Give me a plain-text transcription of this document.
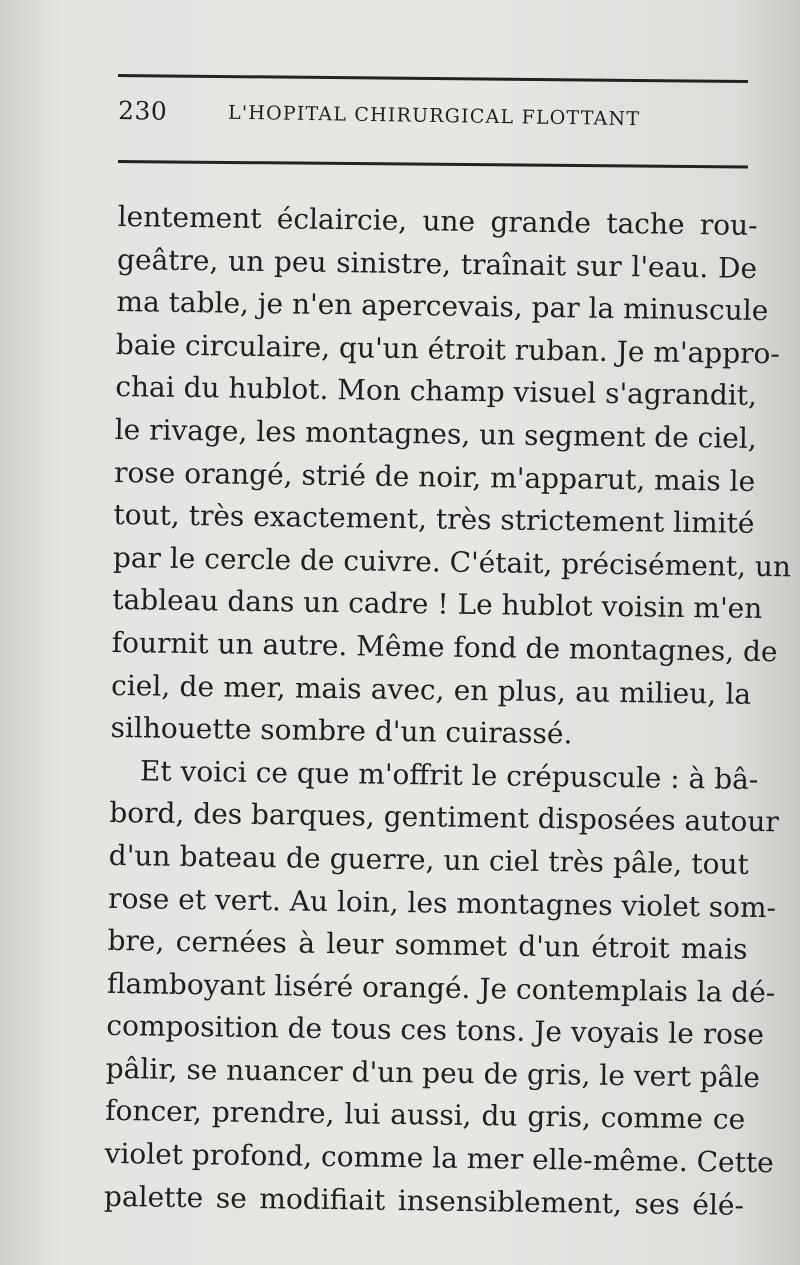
230	L'HOPITAL CHIRURGICAL FLOTTANT
lentement éclaircie, une grande tache rou-
geâtre, un peu sinistre, traînait sur l'eau. De
ma table, je n'en apercevais, par la minuscule
baie circulaire, qu'un étroit ruban. Je m'appro-
chai du hublot. Mon champ visuel s'agrandit,
le rivage, les montagnes, un segment de ciel,
rose orangé, strié de noir, m'apparut, mais le
tout, très exactement, très strictement limité
par le cercle de cuivre. C'était, précisément, un
tableau dans un cadre ! Le hublot voisin m'en
fournit un autre. Même fond de montagnes, de
ciel, de mer, mais avec, en plus, au milieu, la
silhouette sombre d'un cuirassé.
Et voici ce que m'offrit le crépuscule : à bâ-
bord, des barques, gentiment disposées autour
d'un bateau de guerre, un ciel très pâle, tout
rose et vert. Au loin, les montagnes violet som-
bre, cernées à leur sommet d'un étroit mais
flamboyant liséré orangé. Je contemplais la dé-
composition de tous ces tons. Je voyais le rose
pâlir, se nuancer d'un peu de gris, le vert pâle
foncer, prendre, lui aussi, du gris, comme ce
violet profond, comme la mer elle-même. Cette
palette se modifiait insensiblement, ses élé-
